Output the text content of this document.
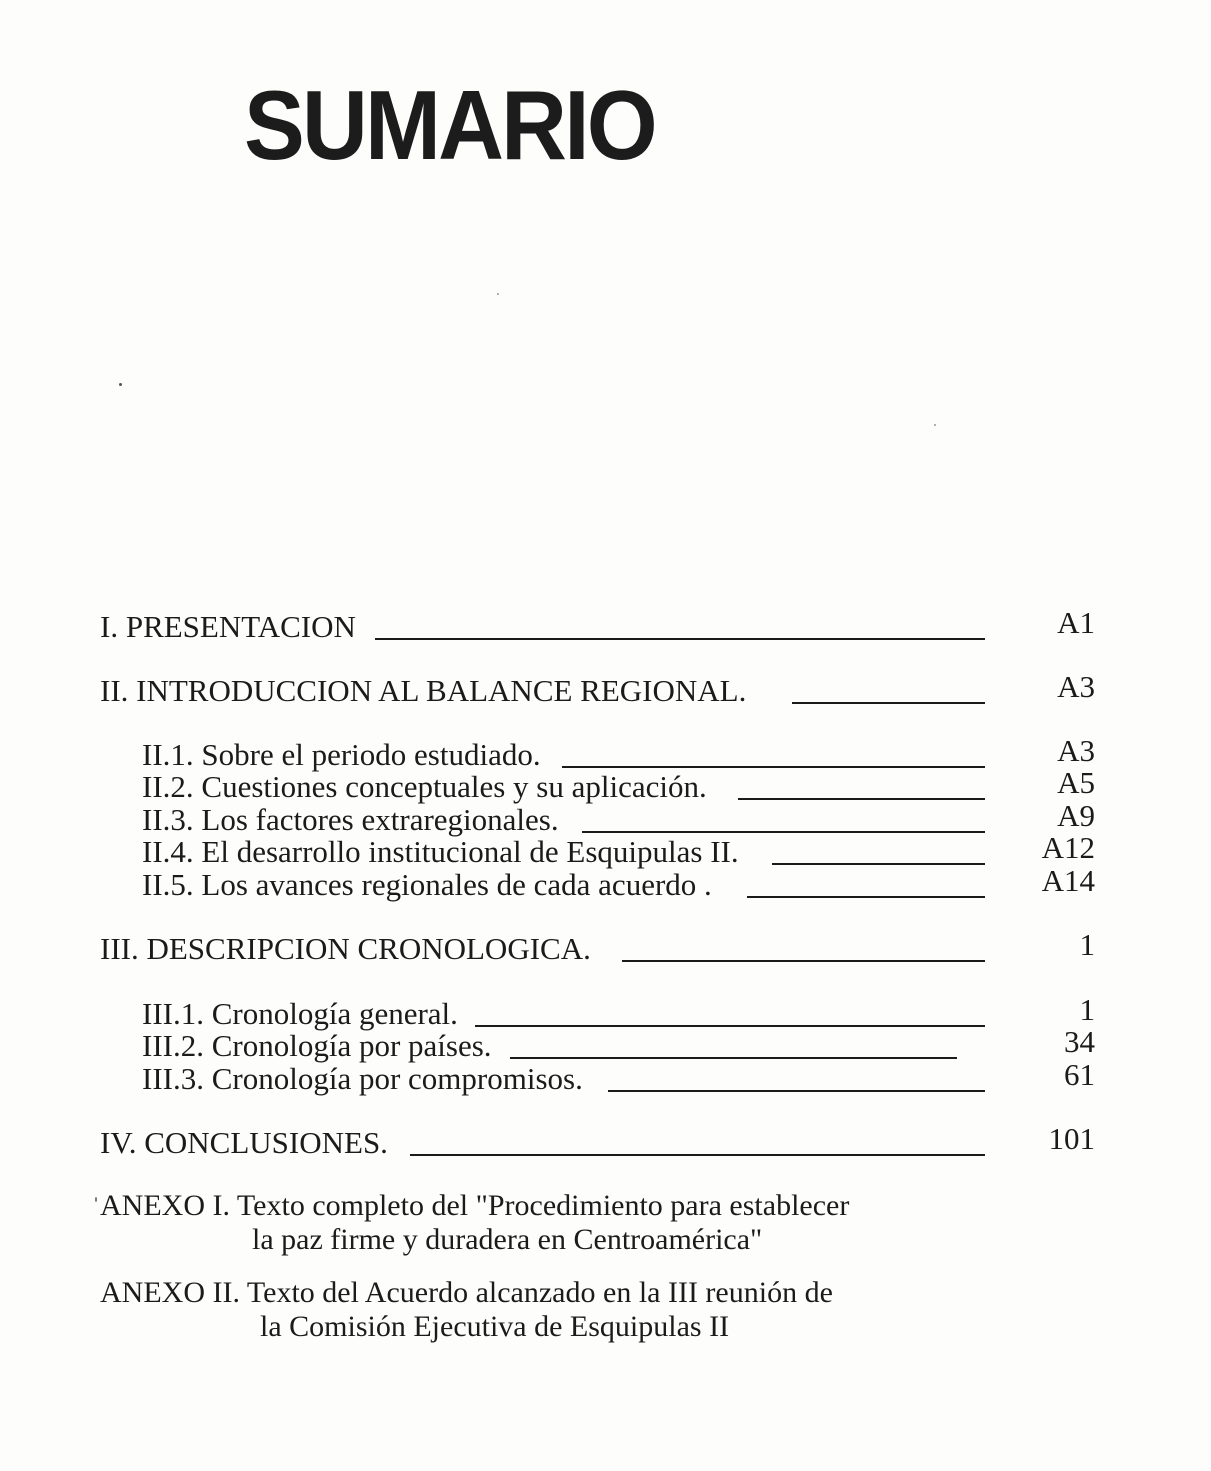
SUMARIO
I. PRESENTACION	A1
II. INTRODUCCION AL BALANCE REGIONAL.	A3
II.1. Sobre el periodo estudiado.	A3
II.2. Cuestiones conceptuales y su aplicación.	A5
II.3. Los factores extraregionales.	A9
II.4. El desarrollo institucional de Esquipulas II.	A12
II.5. Los avances regionales de cada acuerdo .	A14
III. DESCRIPCION CRONOLOGICA.	1
III.1. Cronología general.	1
III.2. Cronología por países.	34
III.3. Cronología por compromisos.	61
IV. CONCLUSIONES.	101
ANEXO I. Texto completo del "Procedimiento para establecer
la paz firme y duradera en Centroamérica"
ANEXO II. Texto del Acuerdo alcanzado en la III reunión de
la Comisión Ejecutiva de Esquipulas II
